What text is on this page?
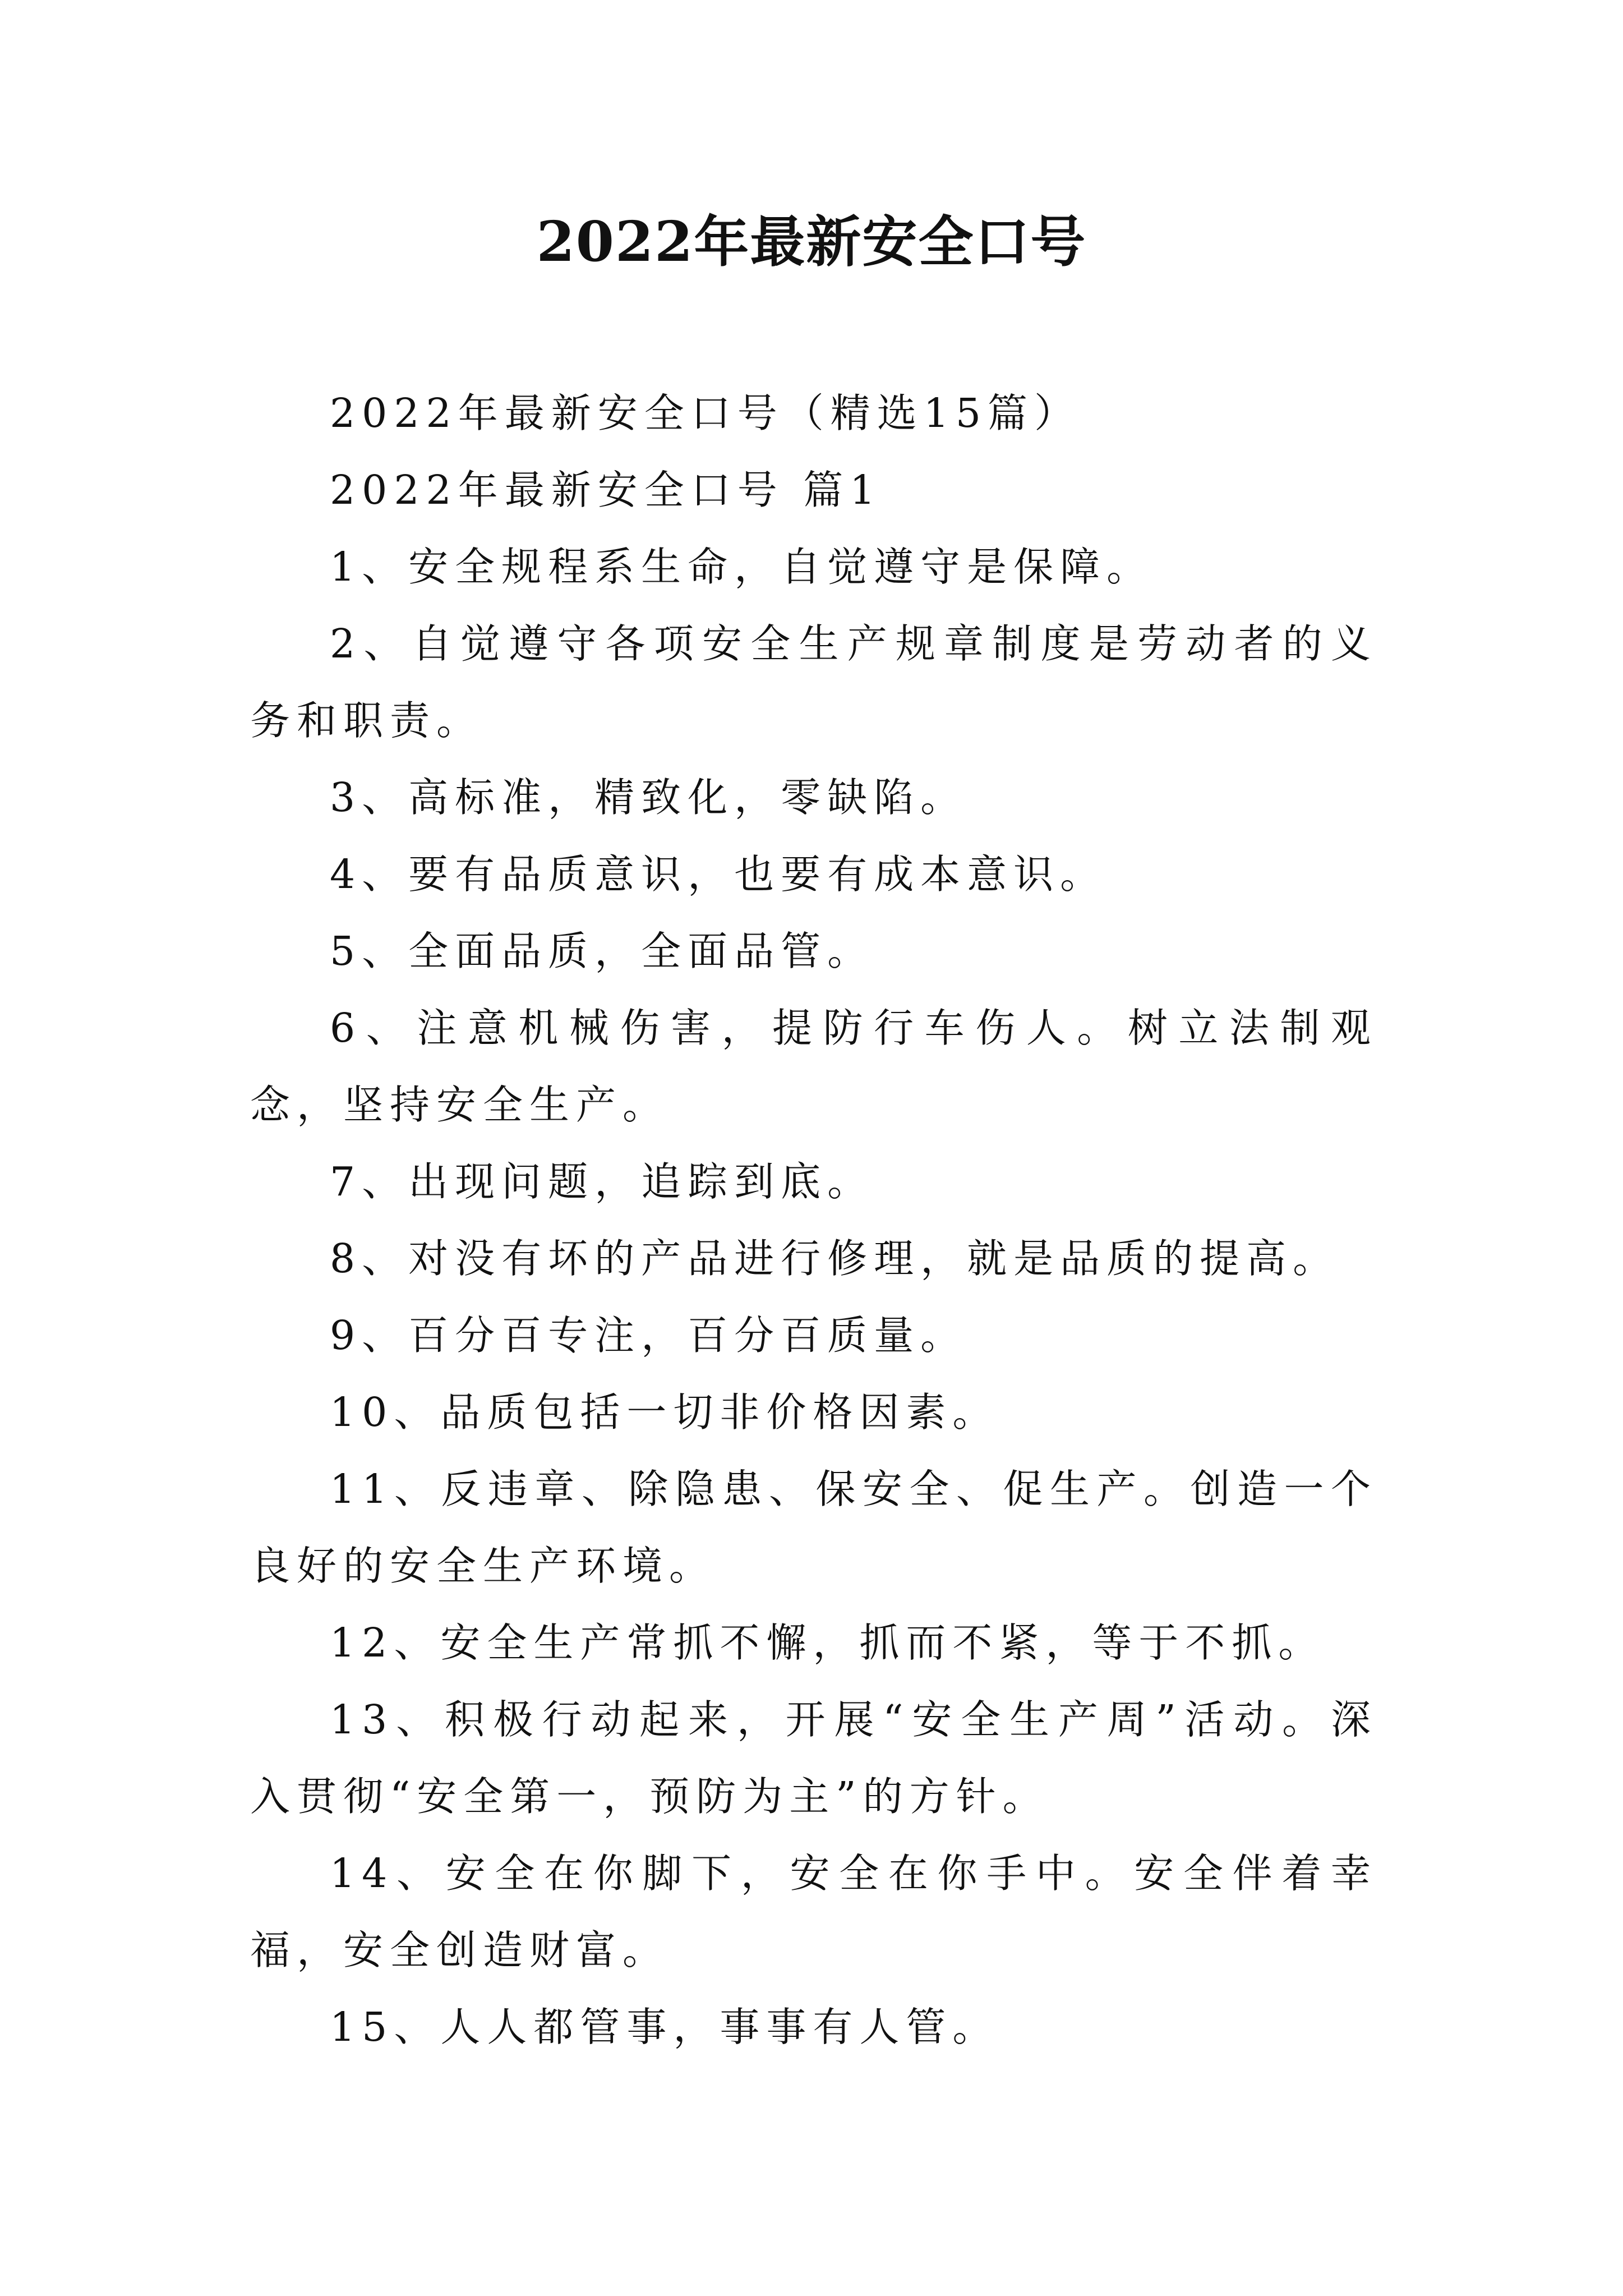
2022年最新安全口号

2022年最新安全口号（精选15篇）

2022年最新安全口号 篇1

1、安全规程系生命，自觉遵守是保障。

2、自觉遵守各项安全生产规章制度是劳动者的义务和职责。

3、高标准，精致化，零缺陷。

4、要有品质意识，也要有成本意识。

5、全面品质，全面品管。

6、注意机械伤害，提防行车伤人。树立法制观念，坚持安全生产。

7、出现问题，追踪到底。

8、对没有坏的产品进行修理，就是品质的提高。

9、百分百专注，百分百质量。

10、品质包括一切非价格因素。

11、反违章、除隐患、保安全、促生产。创造一个良好的安全生产环境。

12、安全生产常抓不懈，抓而不紧，等于不抓。

13、积极行动起来，开展“安全生产周”活动。深入贯彻“安全第一，预防为主”的方针。

14、安全在你脚下，安全在你手中。安全伴着幸福，安全创造财富。

15、人人都管事，事事有人管。
